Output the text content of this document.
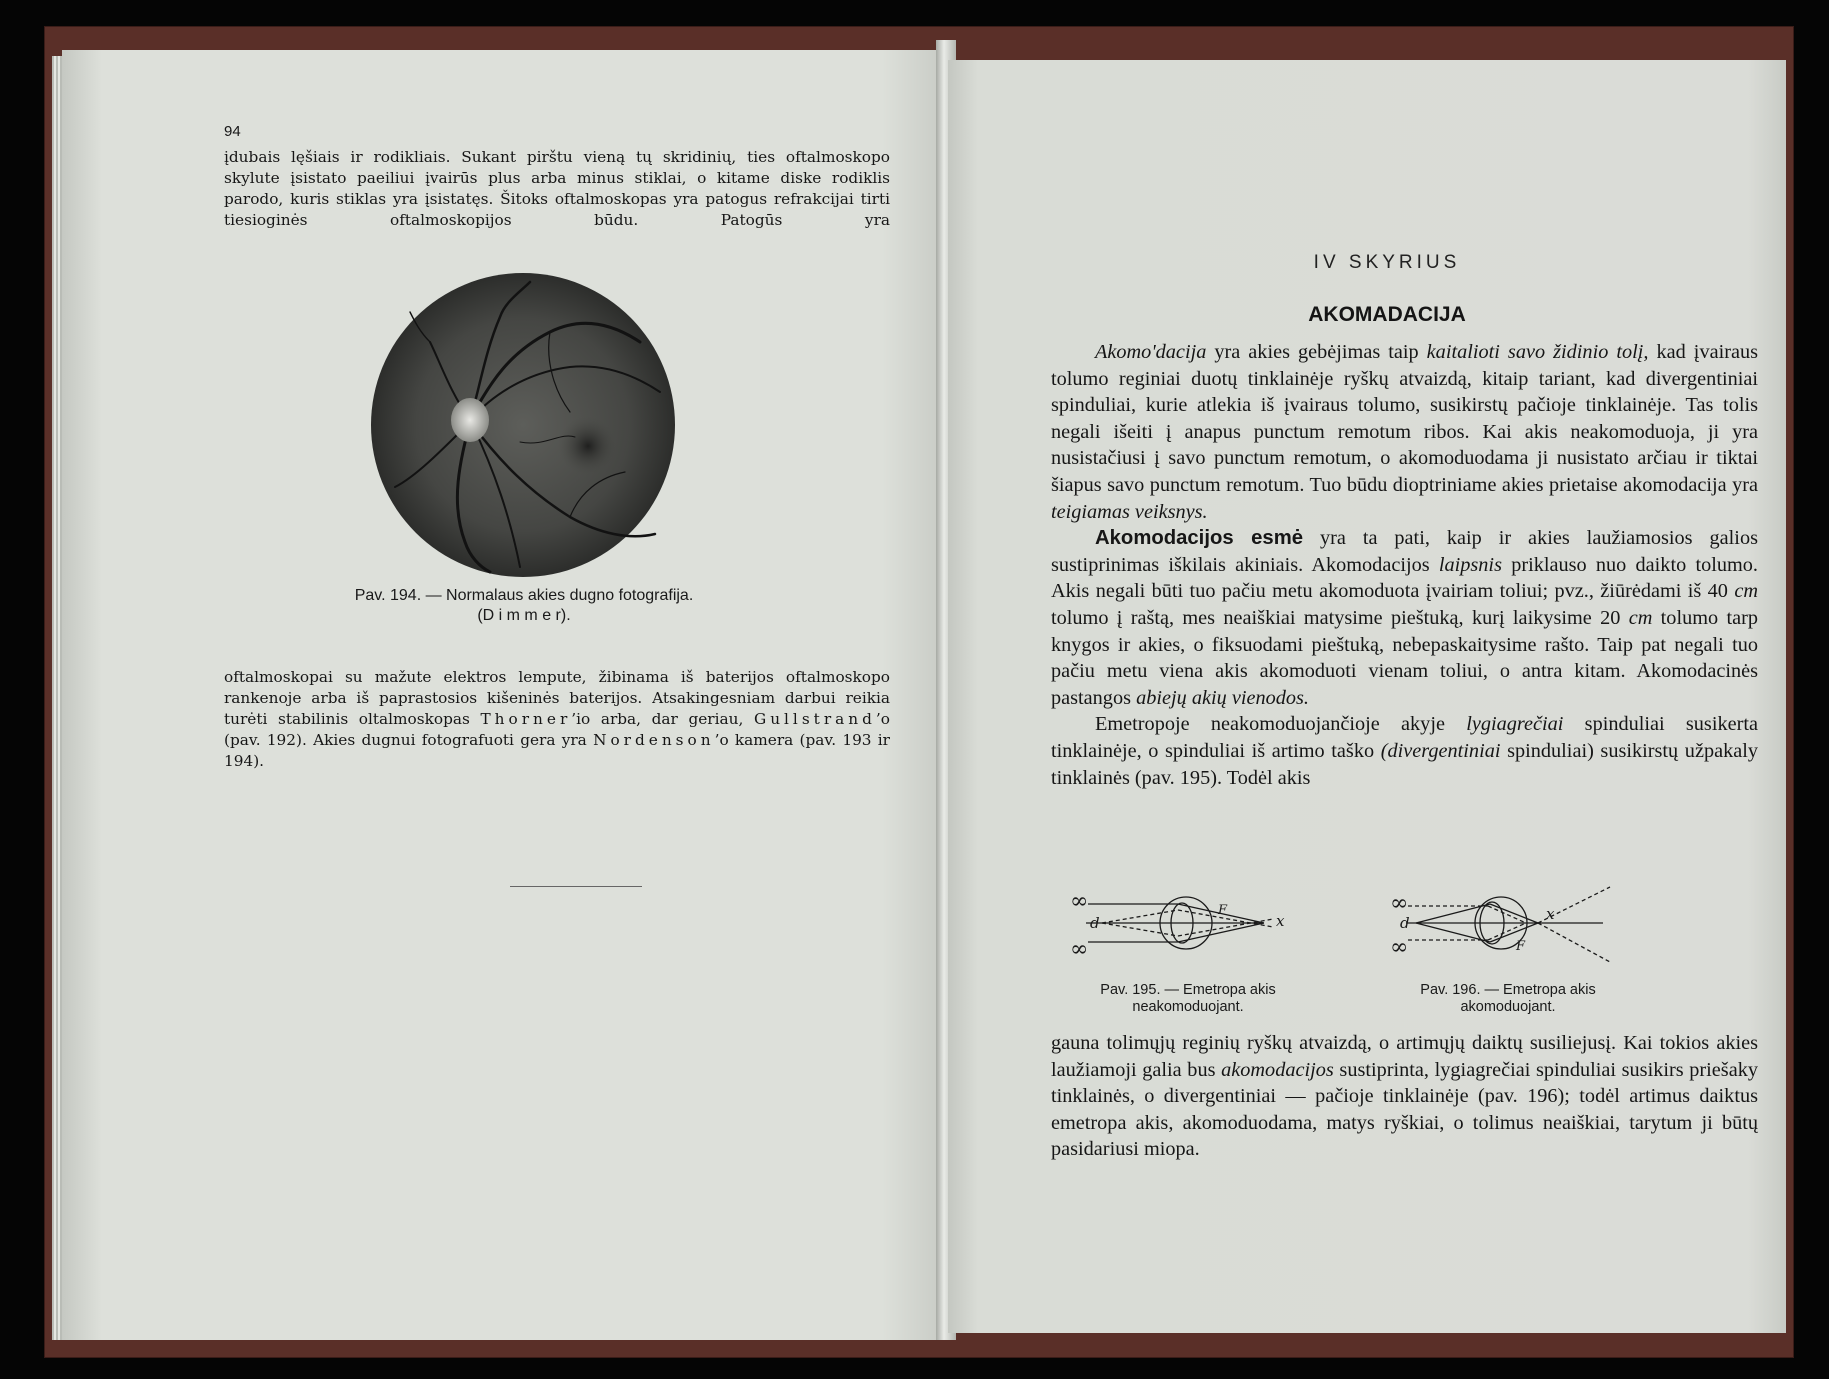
94
įdubais lęšiais ir rodikliais. Sukant pirštu vieną tų skridinių, ties oftalmoskopo skylute įsistato paeiliui įvairūs plus arba minus stiklai, o kitame diske rodiklis parodo, kuris stiklas yra įsistatęs. Šitoks oftalmoskopas yra patogus refrakcijai tirti tiesioginės oftalmoskopijos būdu. Patogūs yra
Pav. 194. — Normalaus akies dugno fotografija.
(D i m m e r).
oftalmoskopai su mažute elektros lempute, žibinama iš baterijos oftalmoskopo rankenoje arba iš paprastosios kišeninės baterijos. Atsakingesniam darbui reikia turėti stabilinis oltalmoskopas Thorner’io arba, dar geriau, Gullstrand’o (pav. 192). Akies dugnui fotografuoti gera yra Nordenson’o kamera (pav. 193 ir 194).
IV SKYRIUS
AKOMADACIJA

Akomo'dacija yra akies gebėjimas taip kaitalioti savo židinio tolį, kad įvairaus tolumo reginiai duotų tinklainėje ryškų atvaizdą, kitaip tariant, kad divergentiniai spinduliai, kurie atlekia iš įvairaus tolumo, susikirstų pačioje tinklainėje. Tas tolis negali išeiti į anapus punctum remotum ribos. Kai akis neakomoduoja, ji yra nusistačiusi į savo punctum remotum, o akomoduodama ji nusistato arčiau ir tiktai šiapus savo punctum remotum. Tuo būdu dioptriniame akies prietaise akomodacija yra teigiamas veiksnys.

Akomodacijos esmė yra ta pati, kaip ir akies laužiamosios galios sustiprinimas iškilais akiniais. Akomodacijos laipsnis priklauso nuo daikto tolumo. Akis negali būti tuo pačiu metu akomoduota įvairiam toliui; pvz., žiūrėdami iš 40 cm tolumo į raštą, mes neaiškiai matysime pieštuką, kurį laikysime 20 cm tolumo tarp knygos ir akies, o fiksuodami pieštuką, nebepaskaitysime rašto. Taip pat negali tuo pačiu metu viena akis akomoduoti vienam toliui, o antra kitam. Akomodacinės pastangos abiejų akių vienodos.

Emetropoje neakomoduojančioje akyje lygiagrečiai spinduliai susikerta tinklainėje, o spinduliai iš artimo taško (divergentiniai spinduliai) susikirstų užpakaly tinklainės (pav. 195). Todėl akis

∞
∞
d	x
F
Pav. 195. — Emetropa akis
neakomoduojant.
∞
∞
d	x
F
Pav. 196. — Emetropa akis
akomoduojant.

gauna tolimųjų reginių ryškų atvaizdą, o artimųjų daiktų susiliejusį. Kai tokios akies laužiamoji galia bus akomodacijos sustiprinta, lygiagrečiai spinduliai susikirs priešaky tinklainės, o divergentiniai — pačioje tinklainėje (pav. 196); todėl artimus daiktus emetropa akis, akomoduodama, matys ryškiai, o tolimus neaiškiai, tarytum ji būtų pasidariusi miopa.
